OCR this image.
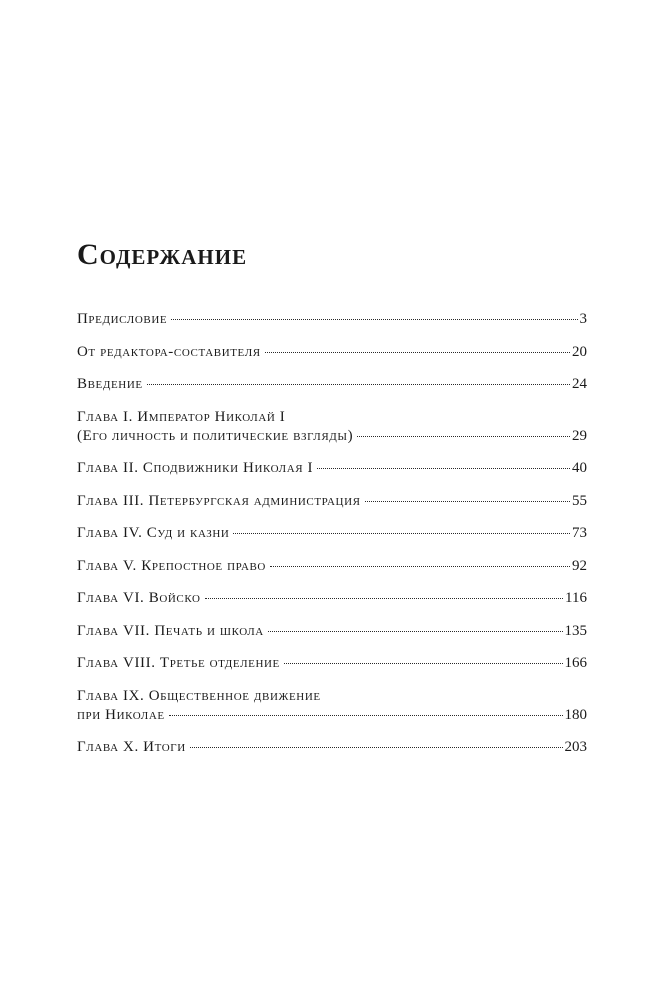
Содержание
Предисловие	3
От редактора-составителя	20
Введение	24
Глава I. Император Николай I
(Его личность и политические взгляды)	29
Глава II. Сподвижники Николая I	40
Глава III. Петербургская администрация	55
Глава IV. Суд и казни	73
Глава V. Крепостное право	92
Глава VI. Войско	116
Глава VII. Печать и школа	135
Глава VIII. Третье отделение	166
Глава IX. Общественное движение
при Николае	180
Глава X. Итоги	203
